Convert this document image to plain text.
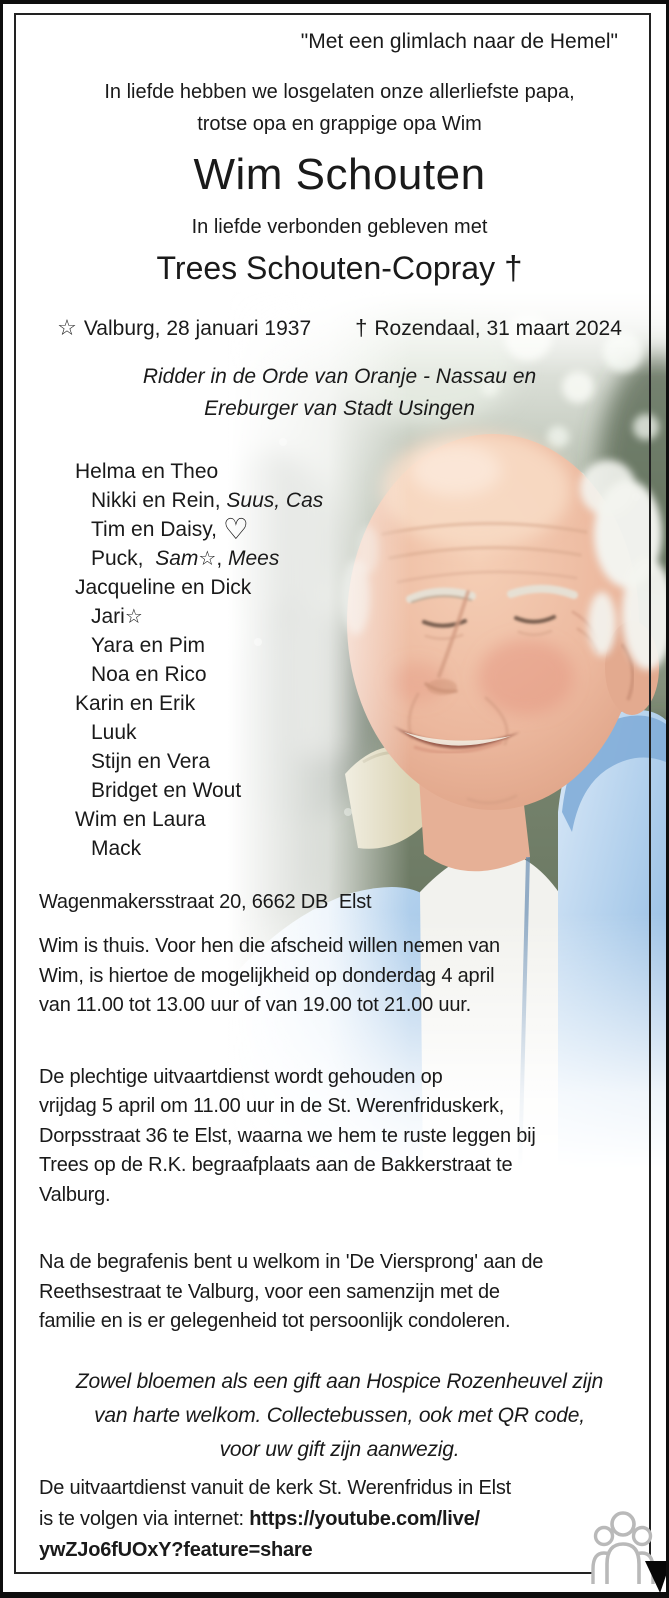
"Met een glimlach naar de Hemel"
In liefde hebben we losgelaten onze allerliefste papa,
trotse opa en grappige opa Wim
Wim Schouten
In liefde verbonden gebleven met
Trees Schouten-Copray †
☆ Valburg, 28 januari 1937 † Rozendaal, 31 maart 2024
Ridder in de Orde van Oranje - Nassau en
Ereburger van Stadt Usingen
Helma en Theo
Nikki en Rein, Suus, Cas
Tim en Daisy, ♡
Puck,  Sam☆, Mees
Jacqueline en Dick
Jari☆
Yara en Pim
Noa en Rico
Karin en Erik
Luuk
Stijn en Vera
Bridget en Wout
Wim en Laura
Mack
Wagenmakersstraat 20, 6662 DB  Elst
Wim is thuis. Voor hen die afscheid willen nemen van
Wim, is hiertoe de mogelijkheid op donderdag 4 april
van 11.00 tot 13.00 uur of van 19.00 tot 21.00 uur.
De plechtige uitvaartdienst wordt gehouden op
vrijdag 5 april om 11.00 uur in de St. Werenfriduskerk,
Dorpsstraat 36 te Elst, waarna we hem te ruste leggen bij
Trees op de R.K. begraafplaats aan de Bakkerstraat te
Valburg.
Na de begrafenis bent u welkom in 'De Viersprong' aan de
Reethsestraat te Valburg, voor een samenzijn met de
familie en is er gelegenheid tot persoonlijk condoleren.
Zowel bloemen als een gift aan Hospice Rozenheuvel zijn
van harte welkom. Collectebussen, ook met QR code,
voor uw gift zijn aanwezig.
De uitvaartdienst vanuit de kerk St. Werenfridus in Elst
is te volgen via internet: https://youtube.com/live/
ywZJo6fUOxY?feature=share
